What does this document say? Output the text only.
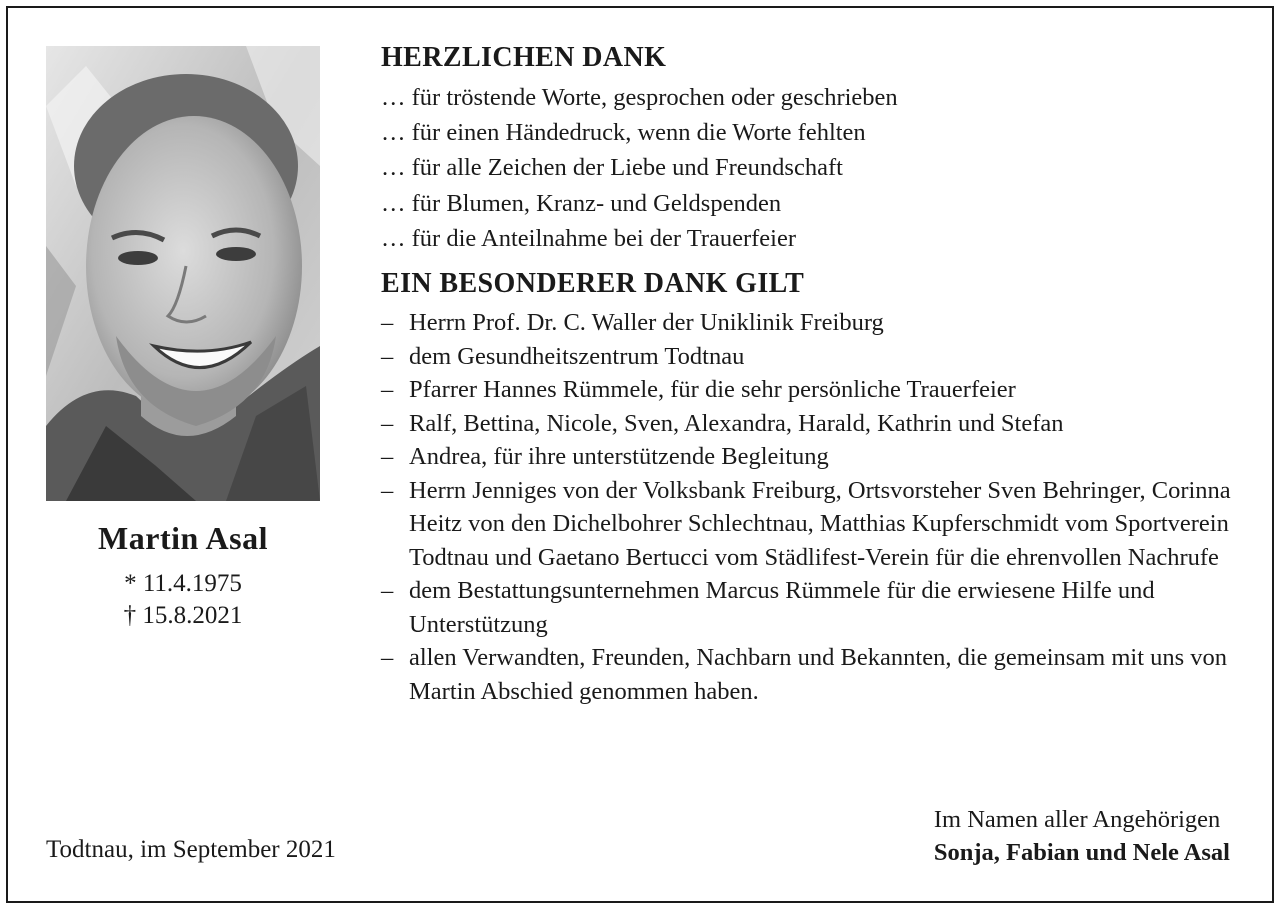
Martin Asal
* 11.4.1975
† 15.8.2021
Todtnau, im September 2021
HERZLICHEN DANK
… für tröstende Worte, gesprochen oder geschrieben
… für einen Händedruck, wenn die Worte fehlten
… für alle Zeichen der Liebe und Freundschaft
… für Blumen, Kranz- und Geldspenden
… für die Anteilnahme bei der Trauerfeier
EIN BESONDERER DANK GILT
– Herrn Prof. Dr. C. Waller der Uniklinik Freiburg
– dem Gesundheitszentrum Todtnau
– Pfarrer Hannes Rümmele, für die sehr persönliche Trauerfeier
– Ralf, Bettina, Nicole, Sven, Alexandra, Harald, Kathrin und Stefan
– Andrea, für ihre unterstützende Begleitung
– Herrn Jenniges von der Volksbank Freiburg, Ortsvorsteher Sven Behringer, Corinna Heitz von den Dichelbohrer Schlechtnau, Matthias Kupferschmidt vom Sportverein Todtnau und Gaetano Bertucci vom Städlifest-Verein für die ehrenvollen Nachrufe
– dem Bestattungsunternehmen Marcus Rümmele für die erwiesene Hilfe und Unterstützung
– allen Verwandten, Freunden, Nachbarn und Bekannten, die gemeinsam mit uns von Martin Abschied genommen haben.
Im Namen aller Angehörigen
Sonja, Fabian und Nele Asal
